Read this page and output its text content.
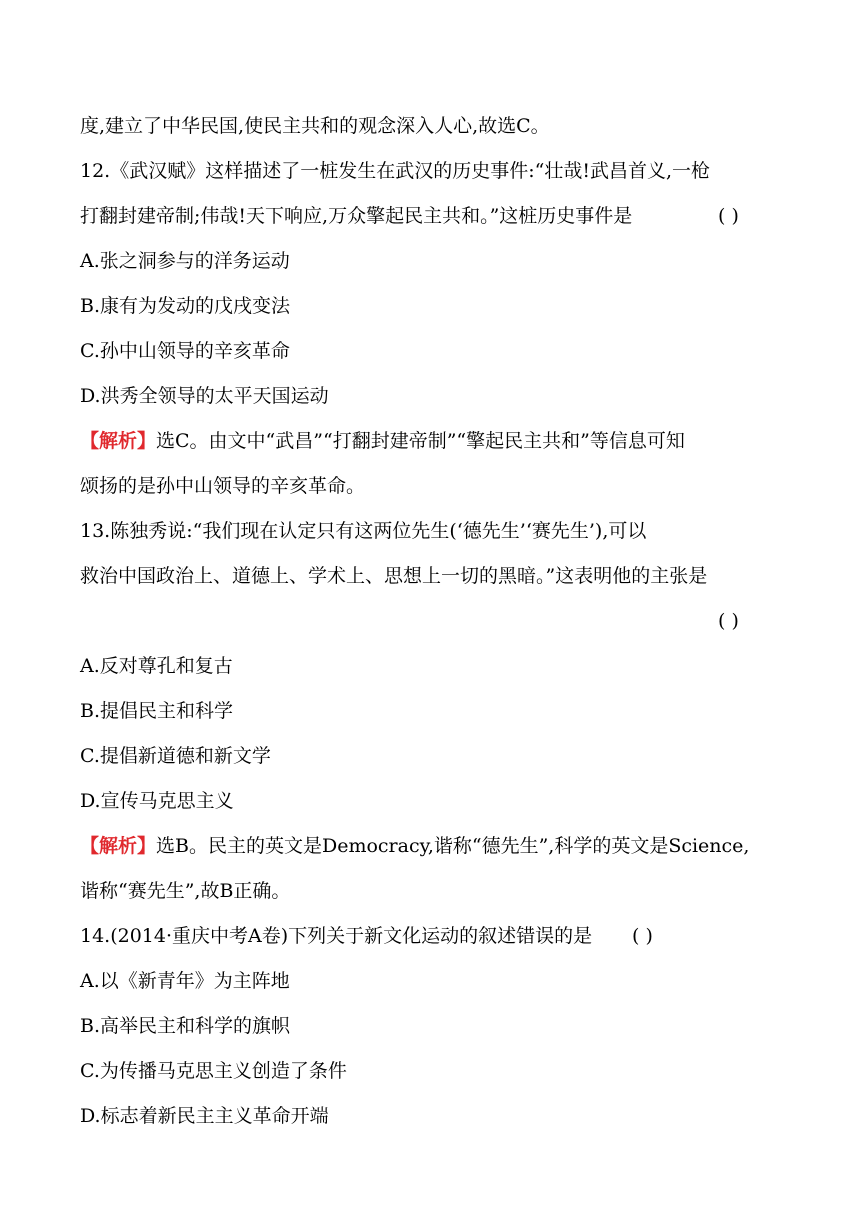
度,建立了中华民国,使民主共和的观念深入人心,故选C。
12.《武汉赋》这样描述了一桩发生在武汉的历史事件:“壮哉!武昌首义,一枪
打翻封建帝制;伟哉!天下响应,万众擎起民主共和。”这桩历史事件是	( )
A.张之洞参与的洋务运动
B.康有为发动的戊戌变法
C.孙中山领导的辛亥革命
D.洪秀全领导的太平天国运动
【解析】选C。由文中“武昌”“打翻封建帝制”“擎起民主共和”等信息可知
颂扬的是孙中山领导的辛亥革命。
13.陈独秀说:“我们现在认定只有这两位先生(‘德先生’‘赛先生’),可以
救治中国政治上、道德上、学术上、思想上一切的黑暗。”这表明他的主张是
( )
A.反对尊孔和复古
B.提倡民主和科学
C.提倡新道德和新文学
D.宣传马克思主义
【解析】选B。民主的英文是Democracy,谐称“德先生”,科学的英文是Science,
谐称“赛先生”,故B正确。
14.(2014·重庆中考A卷)下列关于新文化运动的叙述错误的是 ( )
A.以《新青年》为主阵地
B.高举民主和科学的旗帜
C.为传播马克思主义创造了条件
D.标志着新民主主义革命开端
